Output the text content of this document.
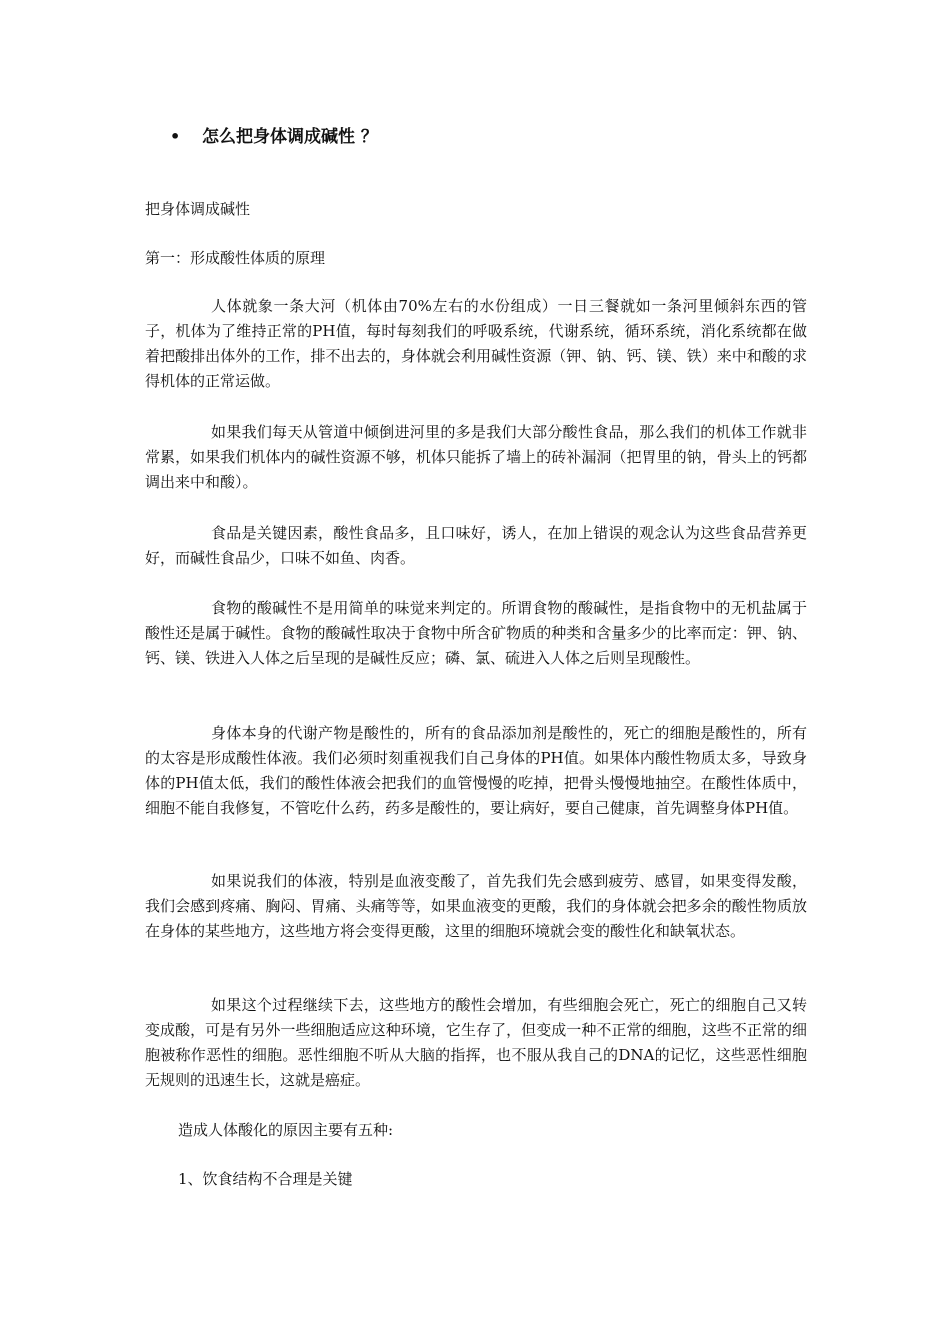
• 怎么把身体调成碱性 ？
把身体调成碱性
第一：形成酸性体质的原理

人体就象一条大河（机体由70%左右的水份组成）一日三餐就如一条河里倾斜东西的管子，机体为了维持正常的PH值，每时每刻我们的呼吸系统，代谢系统，循环系统，消化系统都在做着把酸排出体外的工作，排不出去的，身体就会利用碱性资源（钾、钠、钙、镁、铁）来中和酸的求得机体的正常运做。

如果我们每天从管道中倾倒进河里的多是我们大部分酸性食品，那么我们的机体工作就非常累，如果我们机体内的碱性资源不够，机体只能拆了墙上的砖补漏洞（把胃里的钠，骨头上的钙都调出来中和酸）。

食品是关键因素，酸性食品多，且口味好，诱人，在加上错误的观念认为这些食品营养更好，而碱性食品少，口味不如鱼、肉香。

食物的酸碱性不是用简单的味觉来判定的。所谓食物的酸碱性，是指食物中的无机盐属于酸性还是属于碱性。食物的酸碱性取决于食物中所含矿物质的种类和含量多少的比率而定：钾、钠、钙、镁、铁进入人体之后呈现的是碱性反应；磷、氯、硫进入人体之后则呈现酸性。

身体本身的代谢产物是酸性的，所有的食品添加剂是酸性的，死亡的细胞是酸性的，所有的太容是形成酸性体液。我们必须时刻重视我们自己身体的PH值。如果体内酸性物质太多，导致身体的PH值太低，我们的酸性体液会把我们的血管慢慢的吃掉，把骨头慢慢地抽空。在酸性体质中，细胞不能自我修复，不管吃什么药，药多是酸性的，要让病好，要自己健康，首先调整身体PH值。

如果说我们的体液，特别是血液变酸了，首先我们先会感到疲劳、感冒，如果变得发酸，我们会感到疼痛、胸闷、胃痛、头痛等等，如果血液变的更酸，我们的身体就会把多余的酸性物质放在身体的某些地方，这些地方将会变得更酸，这里的细胞环境就会变的酸性化和缺氧状态。

如果这个过程继续下去，这些地方的酸性会增加，有些细胞会死亡，死亡的细胞自己又转变成酸，可是有另外一些细胞适应这种环境，它生存了，但变成一种不正常的细胞，这些不正常的细胞被称作恶性的细胞。恶性细胞不听从大脑的指挥，也不服从我自己的DNA的记忆，这些恶性细胞无规则的迅速生长，这就是癌症。

造成人体酸化的原因主要有五种:
1、饮食结构不合理是关键
